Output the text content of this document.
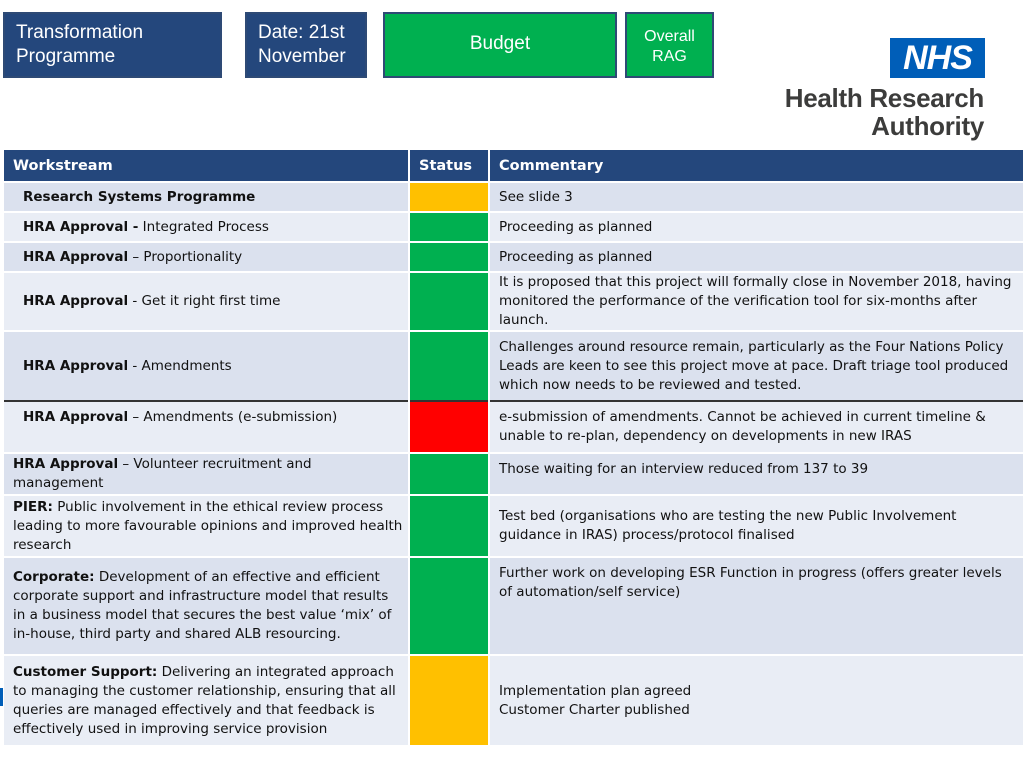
Transformation Programme
Date: 21st November
Budget	Overall RAG	NHS
Health Research
Authority
Workstream	Status	Commentary
Research Systems Programme		See slide 3

HRA Approval - Integrated Process		Proceeding as planned

HRA Approval – Proportionality		Proceeding as planned

HRA Approval - Get it right first time		It is proposed that this project will formally close in November 2018, having monitored the performance of the verification tool for six-months after launch.

HRA Approval - Amendments		Challenges around resource remain, particularly as the Four Nations Policy Leads are keen to see this project move at pace. Draft triage tool produced which now needs to be reviewed and tested.

HRA Approval – Amendments (e-submission)		e-submission of amendments. Cannot be achieved in current timeline & unable to re-plan, dependency on developments in new IRAS

HRA Approval – Volunteer recruitment and management		Those waiting for an interview reduced from 137 to 39

PIER: Public involvement in the ethical review process leading to more favourable opinions and improved health research		Test bed (organisations who are testing the new Public Involvement guidance in IRAS) process/protocol finalised

Corporate: Development of an effective and efficient corporate support and infrastructure model that results in a business model that secures the best value ‘mix’ of in-house, third party and shared ALB resourcing.		Further work on developing ESR Function in progress (offers greater levels of automation/self service)

Customer Support: Delivering an integrated approach to managing the customer relationship, ensuring that all queries are managed effectively and that feedback is effectively used in improving service provision		Implementation plan agreed
Customer Charter published
